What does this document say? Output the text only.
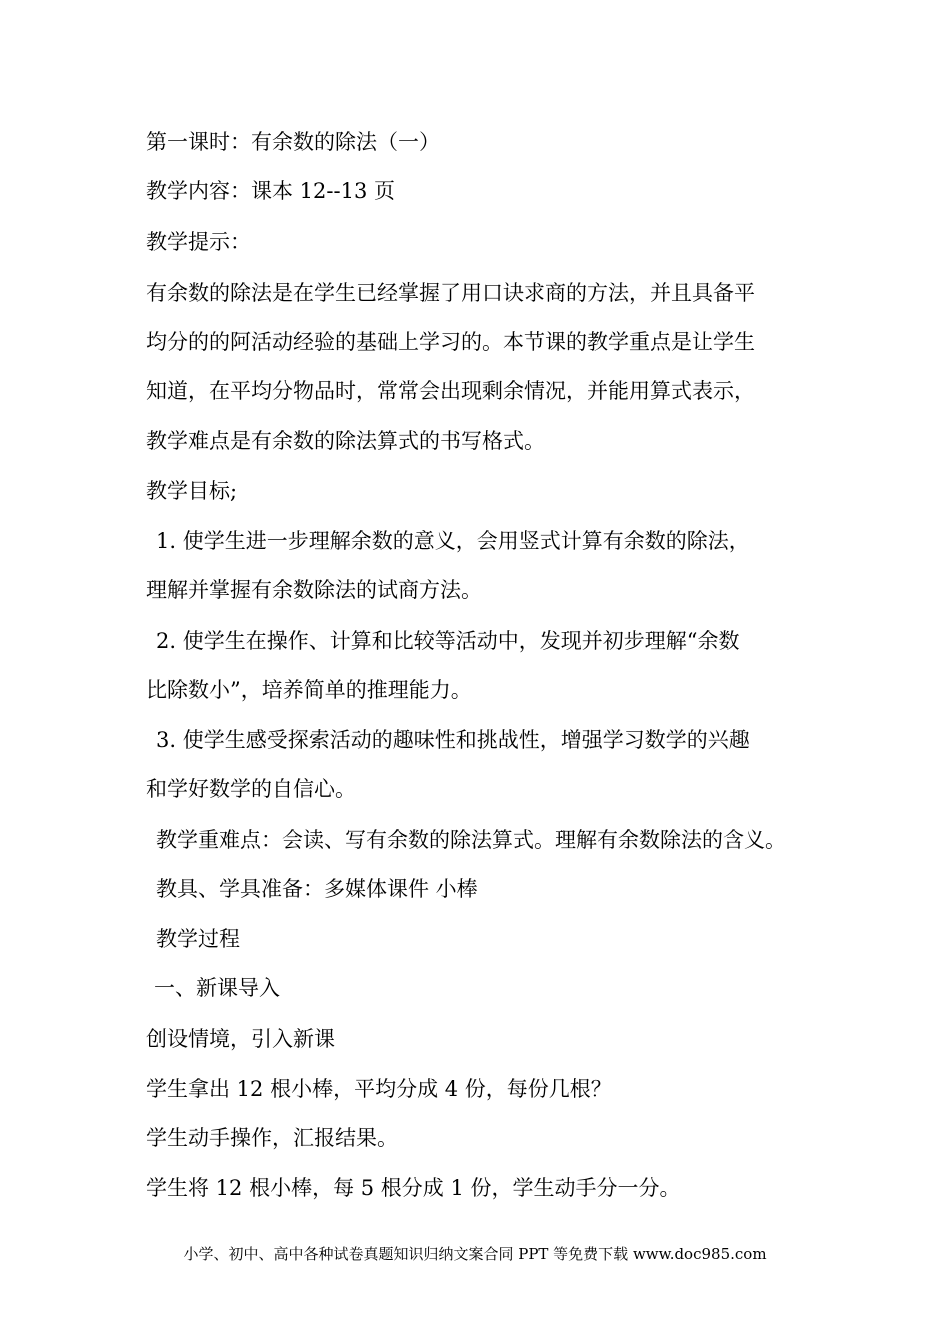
第一课时：有余数的除法（一）
教学内容：课本 12--13 页
教学提示：
有余数的除法是在学生已经掌握了用口诀求商的方法，并且具备平
均分的的阿活动经验的基础上学习的。本节课的教学重点是让学生
知道，在平均分物品时，常常会出现剩余情况，并能用算式表示，
教学难点是有余数的除法算式的书写格式。
教学目标;
1. 使学生进一步理解余数的意义，会用竖式计算有余数的除法，
理解并掌握有余数除法的试商方法。
2. 使学生在操作、计算和比较等活动中，发现并初步理解“余数
比除数小”，培养简单的推理能力。
3. 使学生感受探索活动的趣味性和挑战性，增强学习数学的兴趣
和学好数学的自信心。
教学重难点：会读、写有余数的除法算式。理解有余数除法的含义。
教具、学具准备：多媒体课件 小棒
教学过程
一、新课导入
创设情境，引入新课
学生拿出 12 根小棒，平均分成 4 份，每份几根？
学生动手操作，汇报结果。
学生将 12 根小棒，每 5 根分成 1 份，学生动手分一分。
小学、初中、高中各种试卷真题知识归纳文案合同 PPT 等免费下载 www.doc985.com
